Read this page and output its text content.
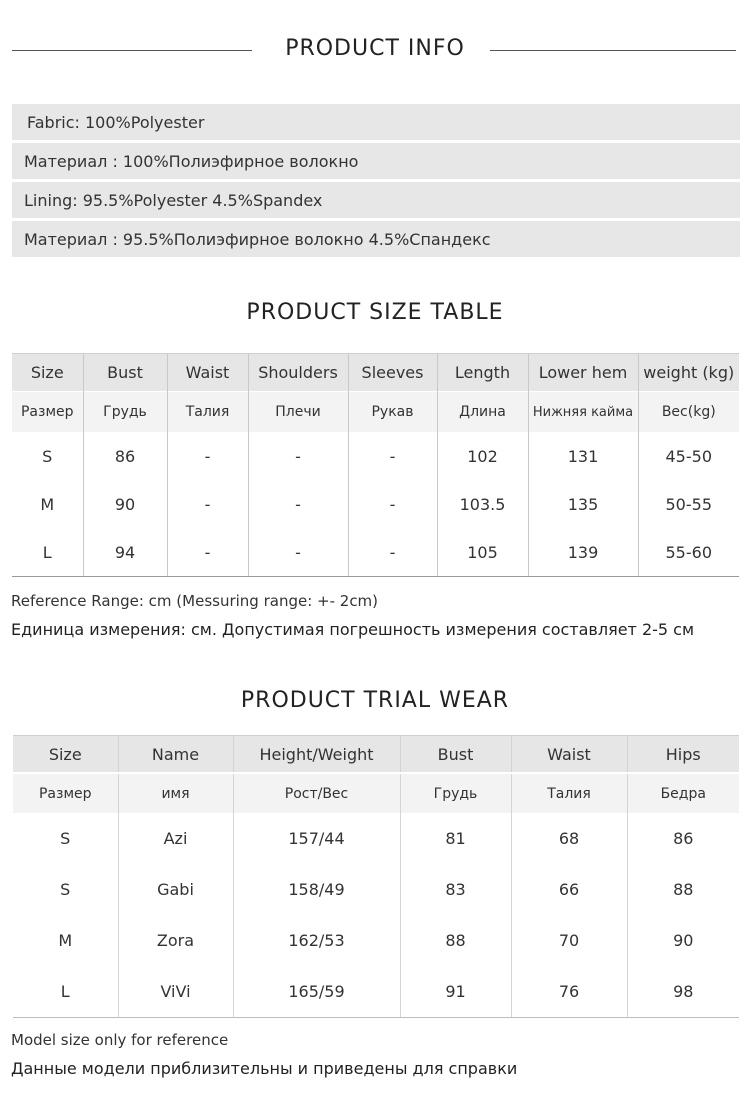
PRODUCT INFO
Fabric: 100%Polyester
Материал : 100%Полиэфирное волокно
Lining: 95.5%Polyester 4.5%Spandex
Материал : 95.5%Полиэфирное волокно 4.5%Спандекс
PRODUCT SIZE TABLE
Size	Bust	Waist	Shoulders	Sleeves	Length	Lower hem	weight (kg)
Размер	Грудь	Талия	Плечи	Рукав	Длина	Нижняя кайма	Вес(kg)
S	86	-	-	-	102	131	45-50
M	90	-	-	-	103.5	135	50-55
L	94	-	-	-	105	139	55-60
Reference Range: cm (Messuring range: +- 2cm)
Единица измерения: см. Допустимая погрешность измерения составляет 2-5 см
PRODUCT TRIAL WEAR
Size	Name	Height/Weight	Bust	Waist	Hips
Размер	имя	Рост/Вес	Грудь	Талия	Бедра
S	Azi	157/44	81	68	86
S	Gabi	158/49	83	66	88
M	Zora	162/53	88	70	90
L	ViVi	165/59	91	76	98
Model size only for reference
Данные модели приблизительны и приведены для справки
